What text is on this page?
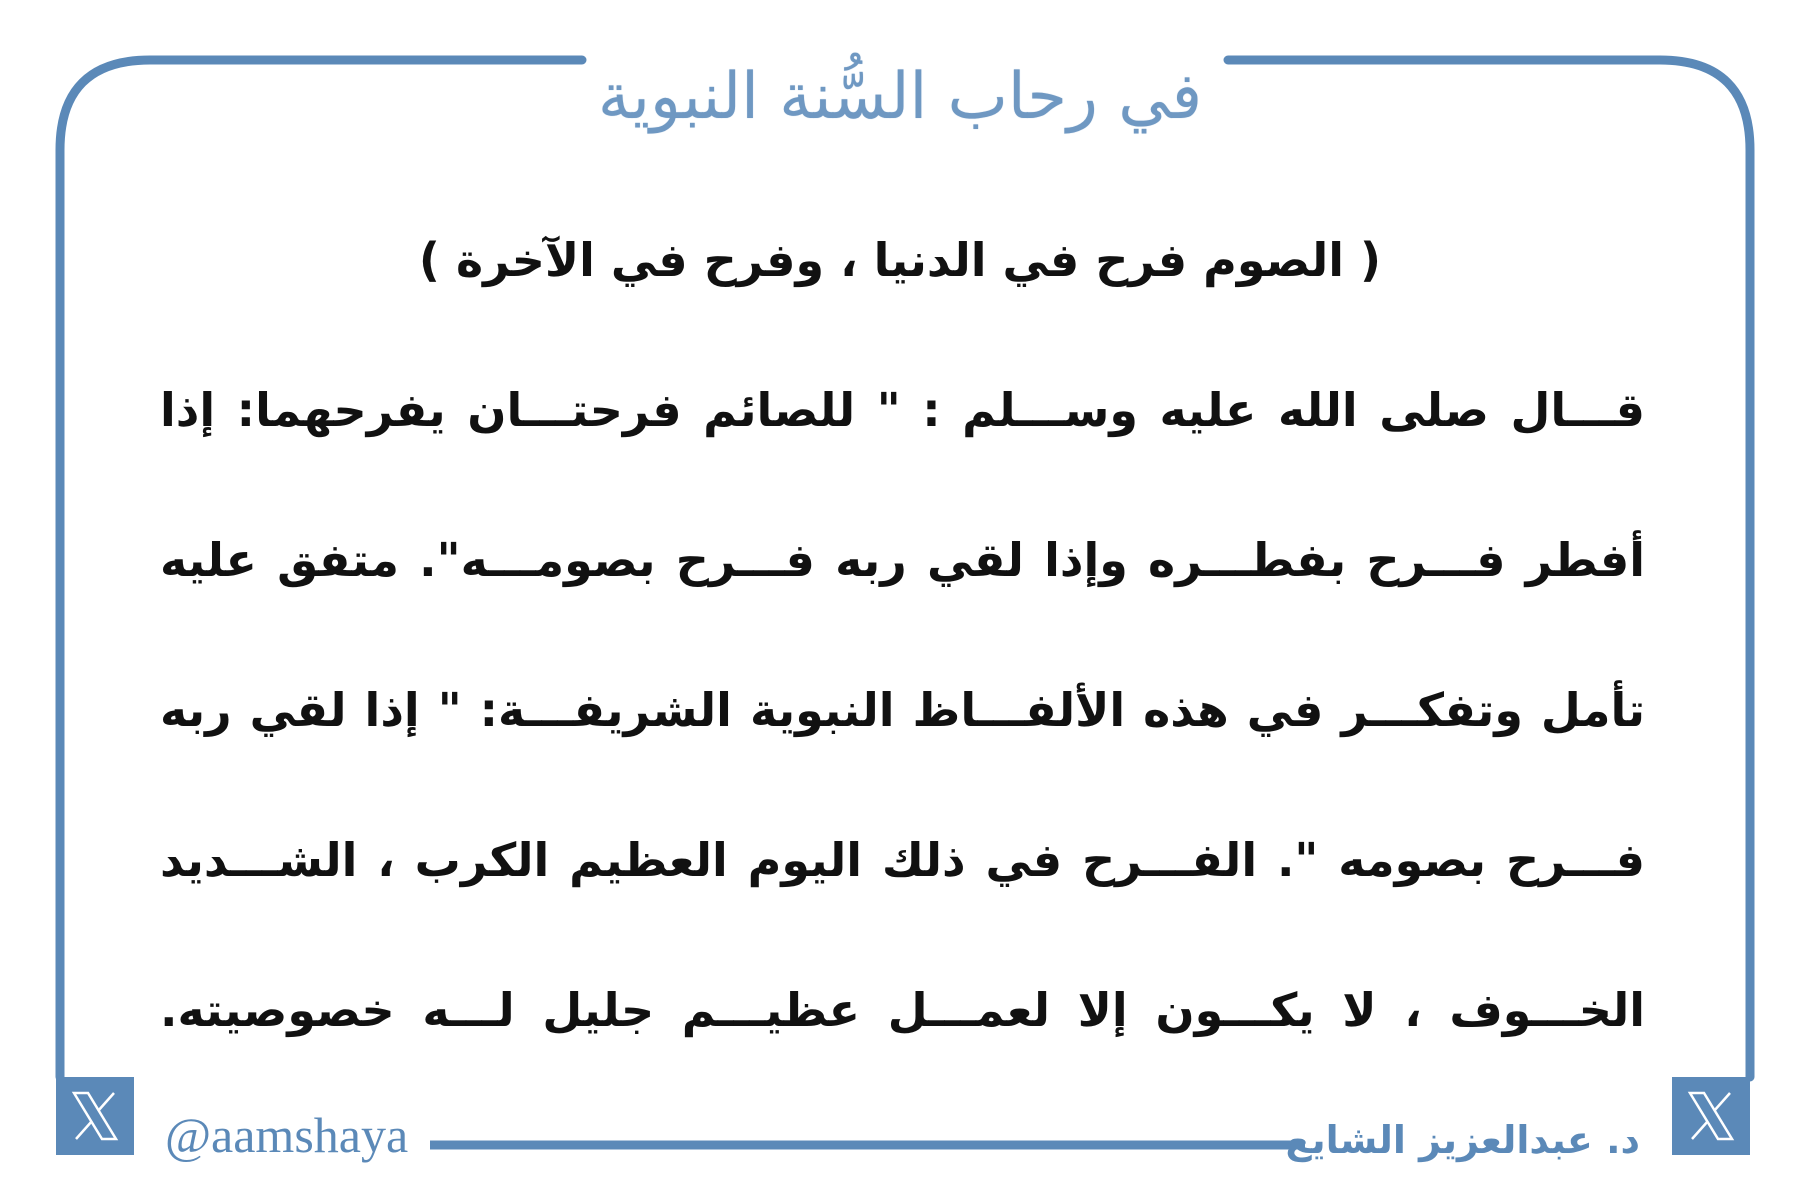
في رحاب السُّنة النبوية
( الصوم فرح في الدنيا ، وفرح في الآخرة )
قـــال صلى الله عليه وســـلم : " للصائم فرحتـــان يفرحهما: إذا
أفطر فـــرح بفطـــره وإذا لقي ربه فـــرح بصومـــه". متفق عليه
تأمل وتفكـــر في هذه الألفـــاظ النبوية الشريفـــة: " إذا لقي ربه
فـــرح بصومه ". الفـــرح في ذلك اليوم العظيم الكرب ، الشـــديد
الخـــوف ، لا يكـــون إلا لعمـــل عظيـــم جليل لـــه خصوصيته.
@aamshaya	د. عبدالعزيز الشايع
